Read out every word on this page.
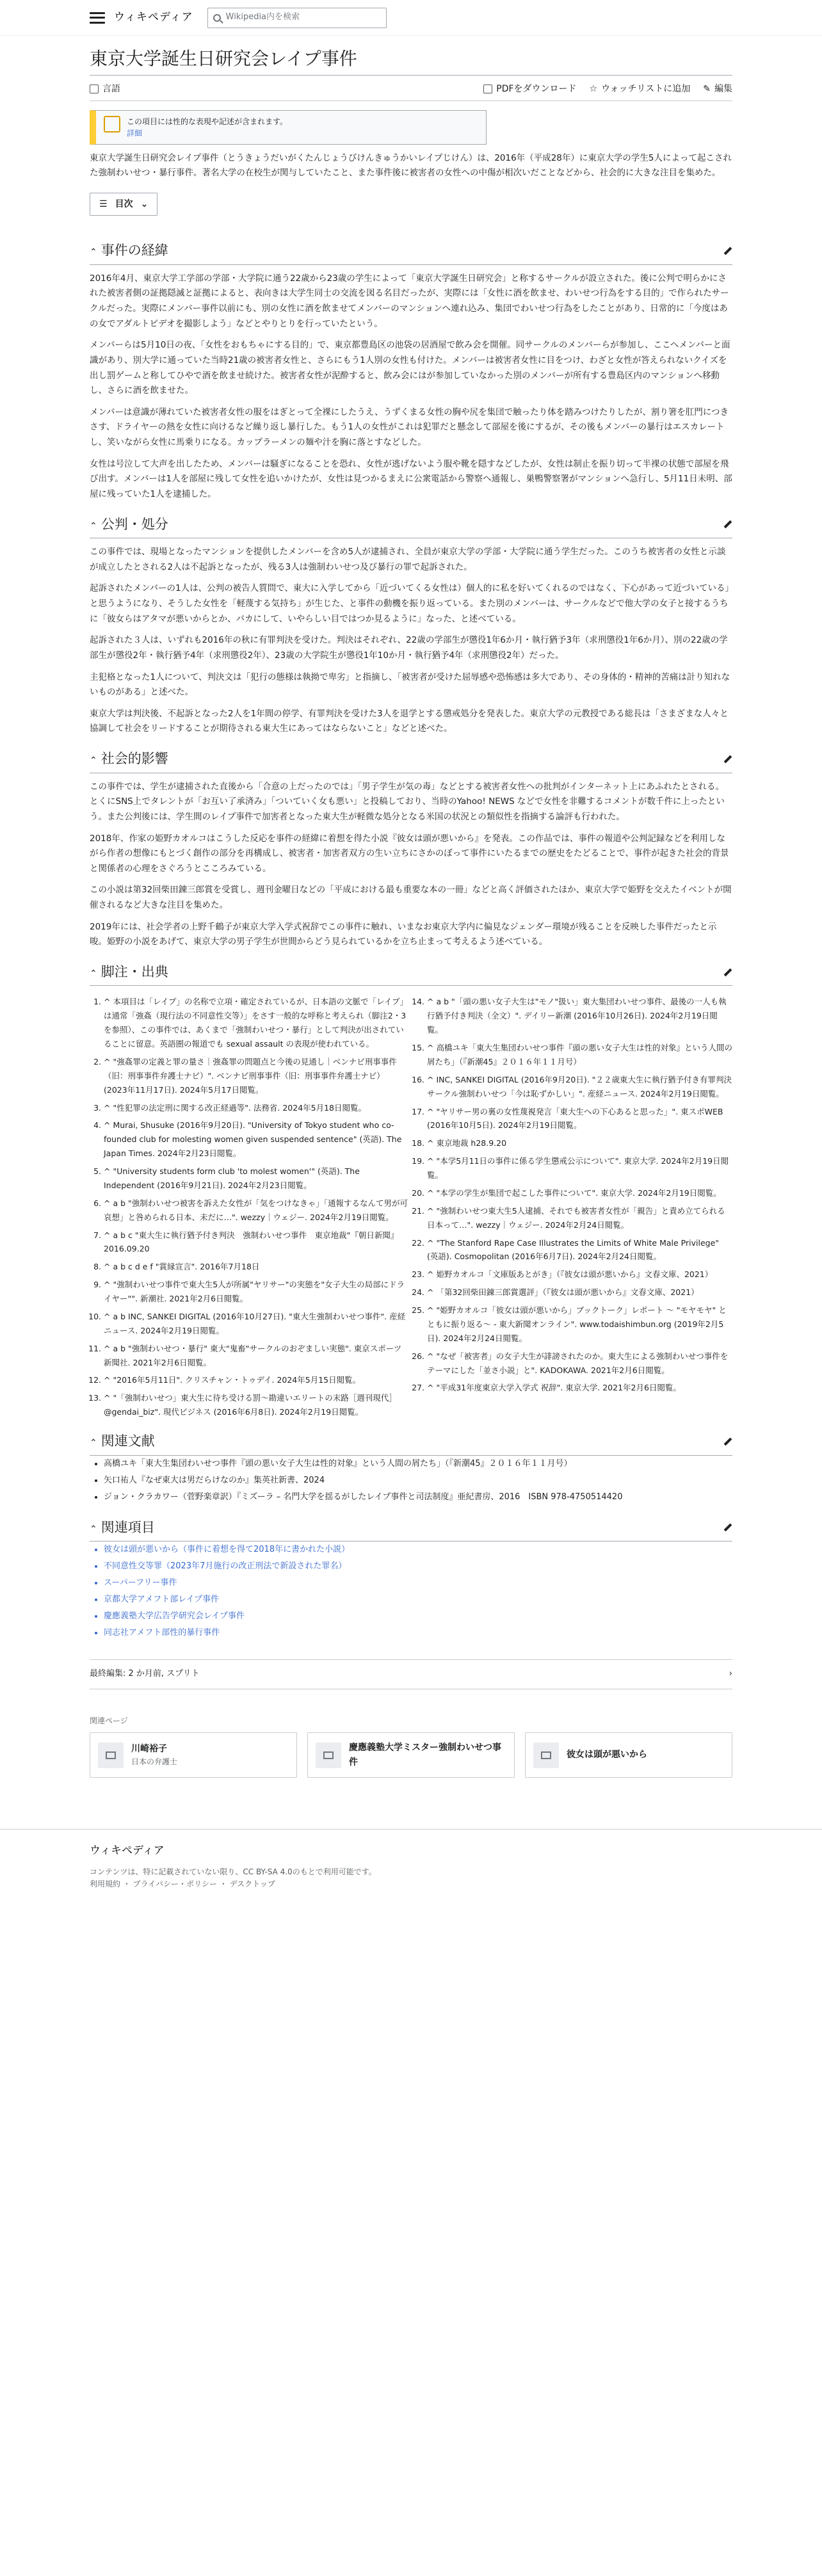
ウィキペディア	Wikipedia内を検索
東京大学誕生日研究会レイプ事件
言語	PDFをダウンロード ☆ ウォッチリストに追加 ✎ 編集
この項目には性的な表現や記述が含まれます。
詳細

東京大学誕生日研究会レイプ事件（とうきょうだいがくたんじょうびけんきゅうかいレイプじけん）は、2016年（平成28年）に東京大学の学生5人によって起こされた強制わいせつ・暴行事件。著名大学の在校生が関与していたこと、また事件後に被害者の女性への中傷が相次いだことなどから、社会的に大きな注目を集めた。

☰ 目次 ⌄
⌃ 事件の経緯

2016年4月、東京大学工学部の学部・大学院に通う22歳から23歳の学生によって「東京大学誕生日研究会」と称するサークルが設立された。後に公判で明らかにされた被害者側の証拠隠滅と証拠によると、表向きは大学生同士の交流を図る名目だったが、実際には「女性に酒を飲ませ、わいせつ行為をする目的」で作られたサークルだった。実際にメンバー事件以前にも、別の女性に酒を飲ませてメンバーのマンションへ連れ込み、集団でわいせつ行為をしたことがあり、日常的に「今度はあの女でアダルトビデオを撮影しよう」などとやりとりを行っていたという。

メンバーらは5月10日の夜、「女性をおもちゃにする目的」で、東京都豊島区の池袋の居酒屋で飲み会を開催。同サークルのメンバーらが参加し、ここへメンバーと面識があり、別大学に通っていた当時21歳の被害者女性と、さらにもう1人別の女性も付けた。メンバーは被害者女性に目をつけ、わざと女性が答えられないクイズを出し罰ゲームと称してひやで酒を飲ませ続けた。被害者女性が泥酔すると、飲み会にはが参加していなかった別のメンバーが所有する豊島区内のマンションへ移動し、さらに酒を飲ませた。

メンバーは意識が薄れていた被害者女性の服をはぎとって全裸にしたうえ、うずくまる女性の胸や尻を集団で触ったり体を踏みつけたりしたが、割り箸を肛門につきさす、ドライヤーの熱を女性に向けるなど繰り返し暴行した。もう1人の女性がこれは犯罪だと懸念して部屋を後にするが、その後もメンバーの暴行はエスカレートし、笑いながら女性に馬乗りになる。カップラーメンの麺や汁を胸に落とすなどした。

女性は号泣して大声を出したため、メンバーは騒ぎになることを恐れ、女性が逃げないよう服や靴を隠すなどしたが、女性は制止を振り切って半裸の状態で部屋を飛び出す。メンバーは1人を部屋に残して女性を追いかけたが、女性は見つかるまえに公衆電話から警察へ通報し、巣鴨警察署がマンションへ急行し、5月11日未明、部屋に残っていた1人を逮捕した。

⌃ 公判・処分

この事件では、現場となったマンションを提供したメンバーを含め5人が逮捕され、全員が東京大学の学部・大学院に通う学生だった。このうち被害者の女性と示談が成立したとされる2人は不起訴となったが、残る3人は強制わいせつ及び暴行の罪で起訴された。

起訴されたメンバーの1人は、公判の被告人質問で、東大に入学してから「近づいてくる女性は）個人的に私を好いてくれるのではなく、下心があって近づいている」と思うようになり、そうした女性を「軽蔑する気持ち」が生じた、と事件の動機を振り返っている。また別のメンバーは、サークルなどで他大学の女子と接するうちに「彼女らはアタマが悪いからとか、バカにして、いやらしい目ではつか見るように」なった、と述べている。

起訴された３人は、いずれも2016年の秋に有罪判決を受けた。判決はそれぞれ、22歳の学部生が懲役1年6か月・執行猶予3年（求刑懲役1年6か月）、別の22歳の学部生が懲役2年・執行猶予4年（求刑懲役2年）、23歳の大学院生が懲役1年10か月・執行猶予4年（求刑懲役2年）だった。

主犯格となった1人について、判決文は「犯行の態様は執拗で卑劣」と指摘し、「被害者が受けた屈辱感や恐怖感は多大であり、その身体的・精神的苦痛は計り知れないものがある」と述べた。

東京大学は判決後、不起訴となった2人を1年間の停学、有罪判決を受けた3人を退学とする懲戒処分を発表した。東京大学の元教授である総長は「さまざまな人々と協調して社会をリードすることが期待される東大生にあってはならないこと」などと述べた。

⌃ 社会的影響

この事件では、学生が逮捕された直後から「合意の上だったのでは」「男子学生が気の毒」などとする被害者女性への批判がインターネット上にあふれたとされる。とくにSNS上でタレントが「お互い了承済み」「ついていく女も悪い」と投稿しており、当時のYahoo! NEWS などで女性を非難するコメントが数千件に上ったという。また公判後には、学生間のレイプ事件で加害者となった東大生が軽微な処分となる米国の状況との類似性を指摘する論評も行われた。

2018年、作家の姫野カオルコはこうした反応を事件の経緯に着想を得た小説『彼女は頭が悪いから』を発表。この作品では、事件の報道や公判記録などを利用しながら作者の想像にもとづく創作の部分を再構成し、被害者・加害者双方の生い立ちにさかのぼって事件にいたるまでの歴史をたどることで、事件が起きた社会的背景と関係者の心理をさぐろうとこころみている。

この小説は第32回柴田錬三郎賞を受賞し、週刊金曜日などの「平成における最も重要な本の一冊」などと高く評価されたほか、東京大学で姫野を交えたイベントが開催されるなど大きな注目を集めた。

2019年には、社会学者の上野千鶴子が東京大学入学式祝辞でこの事件に触れ、いまなお東京大学内に偏見なジェンダー環境が残ることを反映した事件だったと示唆。姫野の小説をあげて、東京大学の男子学生が世間からどう見られているかを立ち止まって考えるよう述べている。

⌃ 脚注・出典
1. ^ 本項目は「レイプ」の名称で立項・確定されているが、日本語の文脈で「レイプ」は通常「強姦（現行法の不同意性交等）」をさす一般的な呼称と考えられ（脚注2・3を参照）、この事件では、あくまで「強制わいせつ・暴行」として判決が出されていることに留意。英語圏の報道でも sexual assault の表現が使われている。
2. ^ "強姦罪の定義と罪の量さ｜強姦罪の問題点と今後の見通し｜ベンナビ刑事事件（旧：刑事事件弁護士ナビ）". ベンナビ刑事事件（旧：刑事事件弁護士ナビ） (2023年11月17日). 2024年5月17日閲覧。
3. ^ "性犯罪の法定刑に関する改正経過等". 法務省. 2024年5月18日閲覧。
4. ^ Murai, Shusuke (2016年9月20日). "University of Tokyo student who co-founded club for molesting women given suspended sentence" (英語). The Japan Times. 2024年2月23日閲覧。
5. ^ "University students form club 'to molest women'" (英語). The Independent (2016年9月21日). 2024年2月23日閲覧。
6. ^ a b "強制わいせつ被害を訴えた女性が「気をつけなきゃ」「通報するなんて男が可哀想」と咎められる日本、未だに…". wezzy｜ウェジー. 2024年2月19日閲覧。
7. ^ a b c "東大生に執行猶予付き判決　強制わいせつ事件　東京地裁"『朝日新聞』2016.09.20
8. ^ a b c d e f "賞縁宣言". 2016年7月18日
9. ^ "強制わいせつ事件で東大生5人が所属"ヤリサー"の実態を"女子大生の局部にドライヤー"". 新潮社. 2021年2月6日閲覧。
10. ^ a b INC, SANKEI DIGITAL (2016年10月27日). "東大生強制わいせつ事件". 産経ニュース. 2024年2月19日閲覧。
11. ^ a b "強制わいせつ・暴行" 東大"鬼畜"サークルのおぞましい実態". 東京スポーツ新聞社. 2021年2月6日閲覧。
12. ^ "2016年5月11日". クリスチャン・トゥデイ. 2024年5月15日閲覧。
13. ^ "「強制わいせつ」東大生に待ち受ける罰〜勘違いエリートの末路［週刊現代］ @gendai_biz". 現代ビジネス (2016年6月8日). 2024年2月19日閲覧。
14. ^ a b "「頭の悪い女子大生は"モノ"扱い」東大集団わいせつ事件、最後の一人も執行猶予付き判決（全文）". デイリー新潮 (2016年10月26日). 2024年2月19日閲覧。
15. ^ 高橋ユキ「東大生集団わいせつ事件『頭の悪い女子大生は性的対象』という人間の屑たち」（『新潮45』２０１６年１１月号）
16. ^ INC, SANKEI DIGITAL (2016年9月20日). "２２歳東大生に執行猶予付き有罪判決 サークル強制わいせつ「今は恥ずかしい」". 産経ニュース. 2024年2月19日閲覧。
17. ^ "ヤリサー男の裏の女性蔑視発言「東大生への下心あると思った」". 東スポWEB (2016年10月5日). 2024年2月19日閲覧。
18. ^ 東京地裁 h28.9.20
19. ^ "本学5月11日の事件に係る学生懲戒公示について". 東京大学. 2024年2月19日閲覧。
20. ^ "本学の学生が集団で起こした事件について". 東京大学. 2024年2月19日閲覧。
21. ^ "強制わいせつ東大生5人逮捕、それでも被害者女性が「親告」と責め立てられる日本って…". wezzy｜ウェジー. 2024年2月24日閲覧。
22. ^ "The Stanford Rape Case Illustrates the Limits of White Male Privilege" (英語). Cosmopolitan (2016年6月7日). 2024年2月24日閲覧。
23. ^ 姫野カオルコ「文庫版あとがき」（『彼女は頭が悪いから』文春文庫、2021）
24. ^ 「第32回柴田錬三郎賞選評」（『彼女は頭が悪いから』文春文庫、2021）
25. ^ "姫野カオルコ「彼女は頭が悪いから」ブックトーク」レポート ～ "モヤモヤ" とともに振り返る～ - 東大新聞オンライン". www.todaishimbun.org (2019年2月5日). 2024年2月24日閲覧。
26. ^ "なぜ「被害者」の女子大生が誹謗されたのか。東大生による強制わいせつ事件をテーマにした「並さ小説」と". KADOKAWA. 2021年2月6日閲覧。
27. ^ "平成31年度東京大学入学式 祝辞". 東京大学. 2021年2月6日閲覧。
⌃ 関連文献
• 高橋ユキ「東大生集団わいせつ事件『頭の悪い女子大生は性的対象』という人間の屑たち」（『新潮45』２０１６年１１月号）
• 矢口祐人『なぜ東大は男だらけなのか』集英社新書、2024
• ジョン・クラカワー（菅野楽章訳）『ミズーラ – 名門大学を揺るがしたレイプ事件と司法制度』亜紀書房、2016　ISBN 978-4750514420
⌃ 関連項目
• 彼女は頭が悪いから（事件に着想を得て2018年に書かれた小説）
• 不同意性交等罪（2023年7月施行の改正刑法で新設された罪名）
• スーパーフリー事件
• 京都大学アメフト部レイプ事件
• 慶應義塾大学広告学研究会レイプ事件
• 同志社アメフト部性的暴行事件
最終編集: 2 か月前, スプリト	›
関連ページ
川崎裕子
日本の弁護士
慶應義塾大学ミスター強制わいせつ事件
彼女は頭が悪いから
ウィキペディア
コンテンツは、特に記載されていない限り、CC BY-SA 4.0のもとで利用可能です。
利用規約 ・ プライバシー・ポリシー ・ デスクトップ
